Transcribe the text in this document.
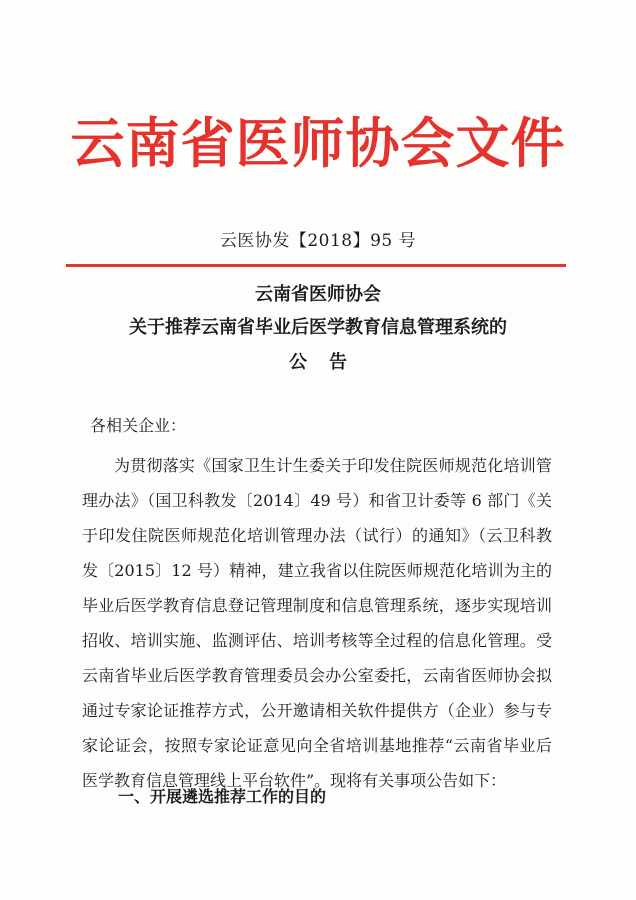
云南省医师协会文件
云医协发【2018】95 号
云南省医师协会
关于推荐云南省毕业后医学教育信息管理系统的
公告
各相关企业：

为贯彻落实《国家卫生计生委关于印发住院医师规范化培训管理办法》（国卫科教发〔2014〕49 号）和省卫计委等 6 部门《关于印发住院医师规范化培训管理办法（试行）的通知》（云卫科教发〔2015〕12 号）精神，建立我省以住院医师规范化培训为主的毕业后医学教育信息登记管理制度和信息管理系统，逐步实现培训招收、培训实施、监测评估、培训考核等全过程的信息化管理。受云南省毕业后医学教育管理委员会办公室委托，云南省医师协会拟通过专家论证推荐方式，公开邀请相关软件提供方（企业）参与专家论证会，按照专家论证意见向全省培训基地推荐“云南省毕业后医学教育信息管理线上平台软件”。现将有关事项公告如下：

一、开展遴选推荐工作的目的
